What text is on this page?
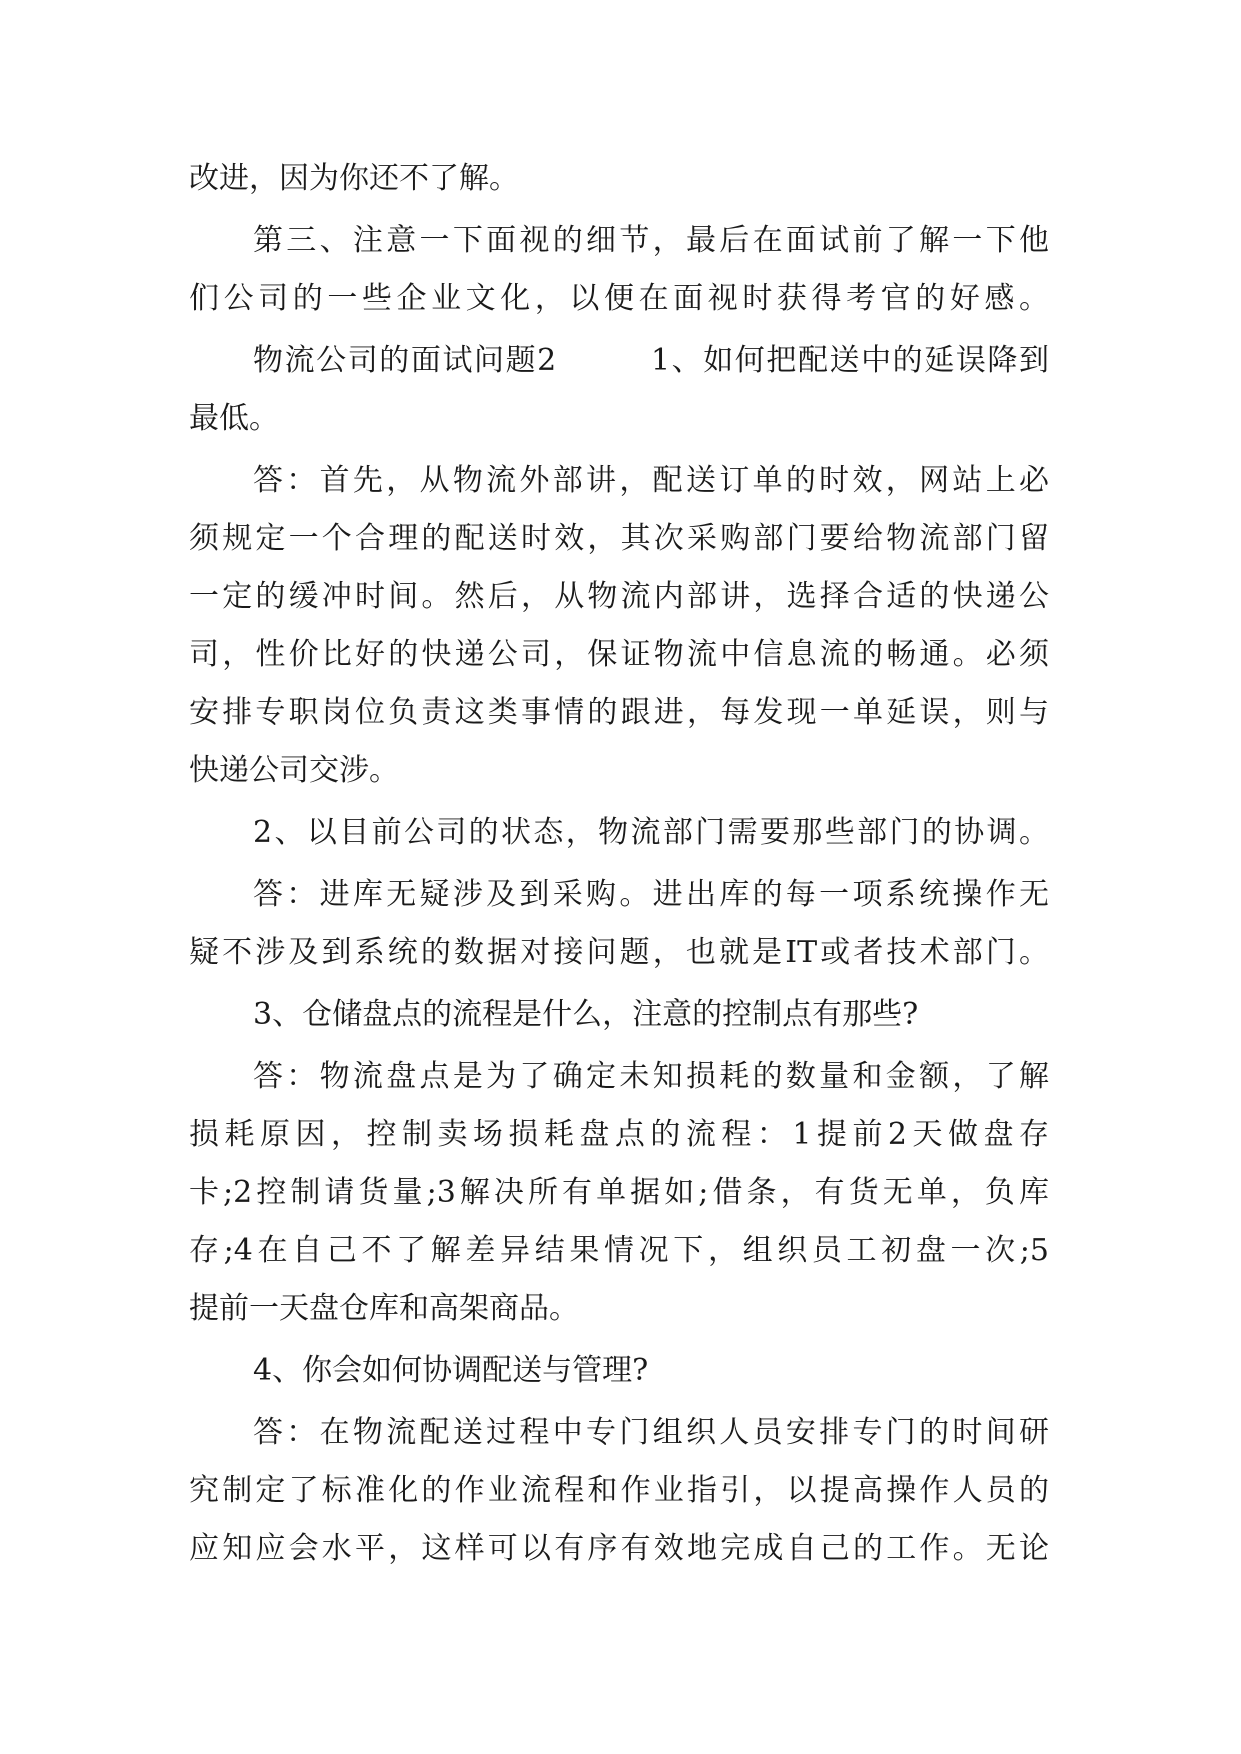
改进，因为你还不了解。
第三、注意一下面视的细节，最后在面试前了解一下他
们公司的一些企业文化，以便在面视时获得考官的好感。
物流公司的面试问题2　　 1、如何把配送中的延误降到
最低。
答：首先，从物流外部讲，配送订单的时效，网站上必
须规定一个合理的配送时效，其次采购部门要给物流部门留
一定的缓冲时间。然后，从物流内部讲，选择合适的快递公
司，性价比好的快递公司，保证物流中信息流的畅通。必须
安排专职岗位负责这类事情的跟进，每发现一单延误，则与
快递公司交涉。
2、以目前公司的状态，物流部门需要那些部门的协调。
答：进库无疑涉及到采购。进出库的每一项系统操作无
疑不涉及到系统的数据对接问题，也就是IT或者技术部门。
3、仓储盘点的流程是什么，注意的控制点有那些?
答：物流盘点是为了确定未知损耗的数量和金额，了解
损耗原因，控制卖场损耗盘点的流程：1提前2天做盘存
卡;2控制请货量;3解决所有单据如;借条，有货无单，负库
存;4在自己不了解差异结果情况下，组织员工初盘一次;5
提前一天盘仓库和高架商品。
4、你会如何协调配送与管理?
答：在物流配送过程中专门组织人员安排专门的时间研
究制定了标准化的作业流程和作业指引，以提高操作人员的
应知应会水平，这样可以有序有效地完成自己的工作。无论
